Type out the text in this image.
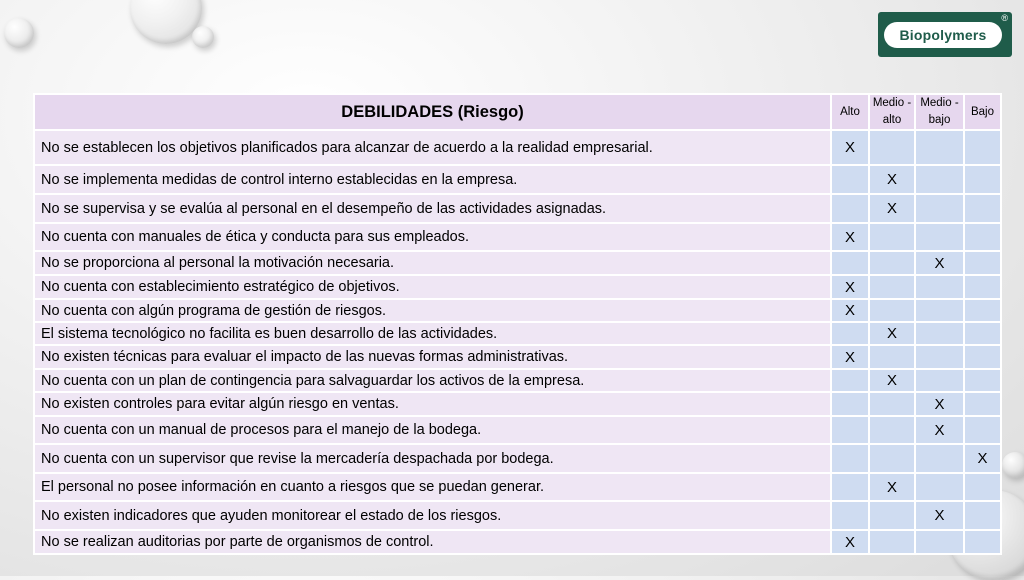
Biopolymers
®
DEBILIDADES (Riesgo)	Alto	Medio - alto	Medio - bajo	Bajo
No se establecen los objetivos planificados para alcanzar de acuerdo a la realidad empresarial.	X			
No se implementa medidas de control interno establecidas en la empresa.		X		
No se supervisa y se evalúa al personal en el desempeño de las actividades asignadas.		X		
No cuenta con manuales de ética y conducta para sus empleados.	X			
No se proporciona al personal la motivación necesaria.			X	
No cuenta con establecimiento estratégico de objetivos.	X			
No cuenta con algún programa de gestión de riesgos.	X			
El sistema tecnológico no facilita es buen desarrollo de las actividades.		X		
No existen técnicas para evaluar el impacto de las nuevas formas administrativas.	X			
No cuenta con un plan de contingencia para salvaguardar los activos de la empresa.		X		
No existen controles para evitar algún riesgo en ventas.			X	
No cuenta con un manual de procesos para el manejo de la bodega.			X	
No cuenta con un supervisor que revise la mercadería despachada por bodega.				X
El personal no posee información en cuanto a riesgos que se puedan generar.		X		
No existen indicadores que ayuden monitorear el estado de los riesgos.			X	
No se realizan auditorias por parte de organismos de control.	X			
